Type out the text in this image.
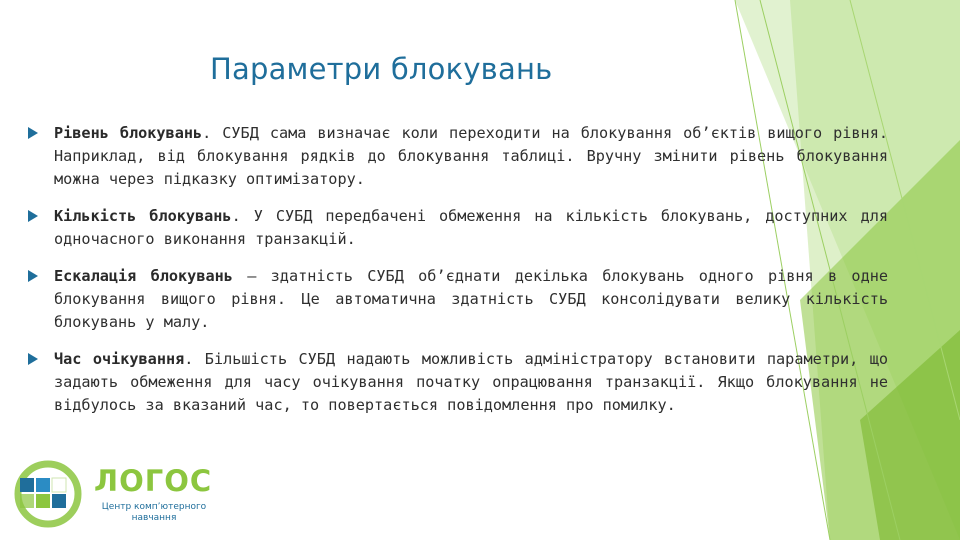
Параметри блокувань
Рівень блокувань. СУБД сама визначає коли переходити на блокування об’єктів вищого рівня. Наприклад, від блокування рядків до блокування таблиці. Вручну змінити рівень блокування можна через підказку оптимізатору.
Кількість блокувань. У СУБД передбачені обмеження на кількість блокувань, доступних для одночасного виконання транзакцій.
Ескалація блокувань – здатність СУБД об’єднати декілька блокувань одного рівня в одне блокування вищого рівня. Це автоматична здатність СУБД консолідувати велику кількість блокувань у малу.
Час очікування. Більшість СУБД надають можливість адміністратору встановити параметри, що задають обмеження для часу очікування початку опрацювання транзакції. Якщо блокування не відбулось за вказаний час, то повертається повідомлення про помилку.
ЛОГОС
Центр комп’ютерного
навчання
